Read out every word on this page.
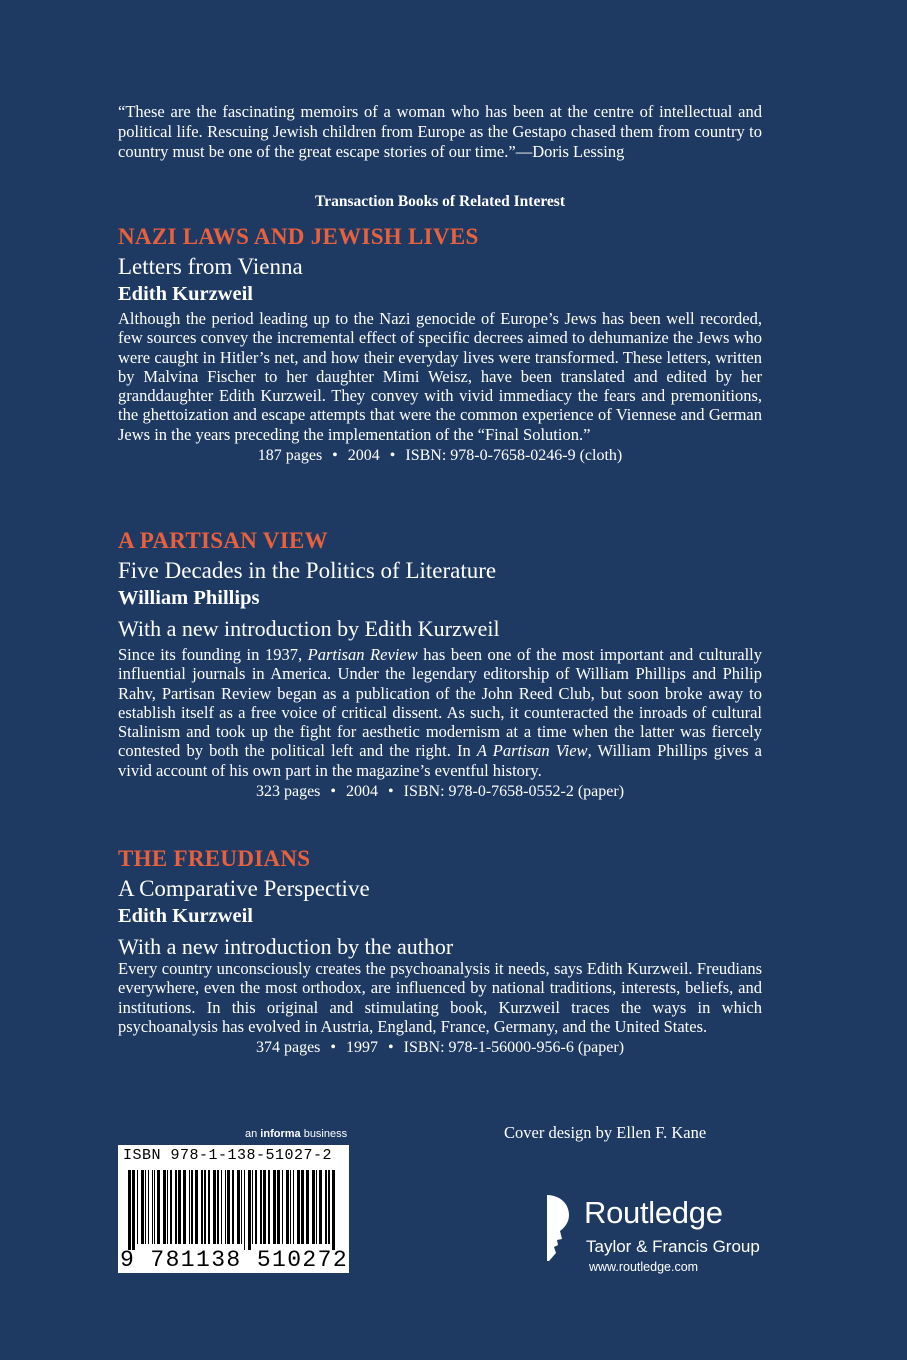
“These are the fascinating memoirs of a woman who has been at the centre of intellectual and political life. Rescuing Jewish children from Europe as the Gestapo chased them from country to country must be one of the great escape stories of our time.”—Doris Lessing
Transaction Books of Related Interest
NAZI LAWS AND JEWISH LIVES
Letters from Vienna
Edith Kurzweil
Although the period leading up to the Nazi genocide of Europe’s Jews has been well recorded, few sources convey the incremental effect of specific decrees aimed to dehumanize the Jews who were caught in Hitler’s net, and how their everyday lives were transformed. These letters, written by Malvina Fischer to her daughter Mimi Weisz, have been translated and edited by her granddaughter Edith Kurzweil. They convey with vivid immediacy the fears and premonitions, the ghettoization and escape attempts that were the common experience of Viennese and German Jews in the years preceding the implementation of the “Final Solution.”
187 pages • 2004 • ISBN: 978-0-7658-0246-9 (cloth)
A PARTISAN VIEW
Five Decades in the Politics of Literature
William Phillips
With a new introduction by Edith Kurzweil
Since its founding in 1937, Partisan Review has been one of the most important and culturally influential journals in America. Under the legendary editorship of William Phillips and Philip Rahv, Partisan Review began as a publication of the John Reed Club, but soon broke away to establish itself as a free voice of critical dissent. As such, it counteracted the inroads of cultural Stalinism and took up the fight for aesthetic modernism at a time when the latter was fiercely contested by both the political left and the right. In A Partisan View, William Phillips gives a vivid account of his own part in the magazine’s eventful history.
323 pages • 2004 • ISBN: 978-0-7658-0552-2 (paper)
THE FREUDIANS
A Comparative Perspective
Edith Kurzweil
With a new introduction by the author
Every country unconsciously creates the psychoanalysis it needs, says Edith Kurzweil. Freudians everywhere, even the most orthodox, are influenced by national traditions, interests, beliefs, and institutions. In this original and stimulating book, Kurzweil traces the ways in which psychoanalysis has evolved in Austria, England, France, Germany, and the United States.
374 pages • 1997 • ISBN: 978-1-56000-956-6 (paper)
an informa business
ISBN 978-1-138-51027-2
9 781138 510272
Cover design by Ellen F. Kane
ROUTLEDGE Routledge
Taylor & Francis Group
www.routledge.com
